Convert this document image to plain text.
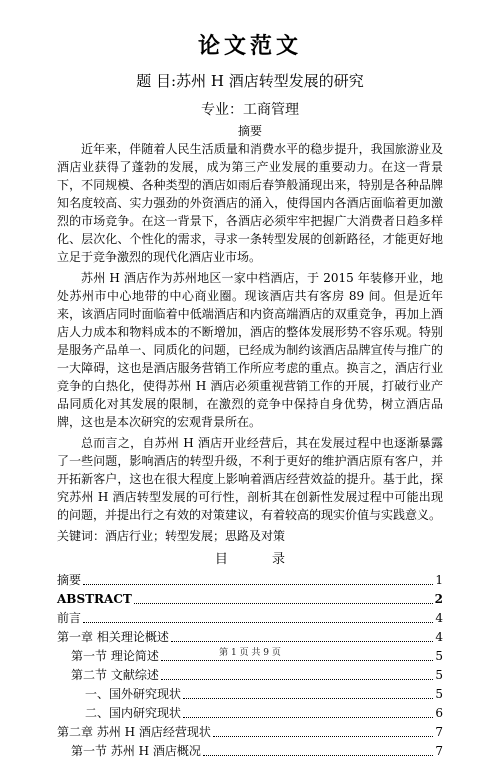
论文范文
题 目:苏州 H 酒店转型发展的研究
专业：工商管理
摘要

近年来，伴随着人民生活质量和消费水平的稳步提升，我国旅游业及酒店业获得了蓬勃的发展，成为第三产业发展的重要动力。在这一背景下，不同规模、各种类型的酒店如雨后春笋般涌现出来，特别是各种品牌知名度较高、实力强劲的外资酒店的涌入，使得国内各酒店面临着更加激烈的市场竞争。在这一背景下，各酒店必须牢牢把握广大消费者日趋多样化、层次化、个性化的需求，寻求一条转型发展的创新路径，才能更好地立足于竞争激烈的现代化酒店业市场。

苏州 H 酒店作为苏州地区一家中档酒店，于 2015 年装修开业，地处苏州市中心地带的中心商业圈。现该酒店共有客房 89 间。但是近年来，该酒店同时面临着中低端酒店和内资高端酒店的双重竞争，再加上酒店人力成本和物料成本的不断增加，酒店的整体发展形势不容乐观。特别是服务产品单一、同质化的问题，已经成为制约该酒店品牌宣传与推广的一大障碍，这也是酒店服务营销工作所应考虑的重点。换言之，酒店行业竞争的白热化，使得苏州 H 酒店必须重视营销工作的开展，打破行业产品同质化对其发展的限制，在激烈的竞争中保持自身优势，树立酒店品牌，这也是本次研究的宏观背景所在。

总而言之，自苏州 H 酒店开业经营后，其在发展过程中也逐渐暴露了一些问题，影响酒店的转型升级，不利于更好的维护酒店原有客户，并开拓新客户，这也在很大程度上影响着酒店经营效益的提升。基于此，探究苏州 H 酒店转型发展的可行性，剖析其在创新性发展过程中可能出现的问题，并提出行之有效的对策建议，有着较高的现实价值与实践意义。

关键词：酒店行业；转型发展；思路及对策
目 录
摘要	1
ABSTRACT	2
前言	4
第一章 相关理论概述	4
第一节 理论简述	5
第二节 文献综述	5
一、国外研究现状	5
二、国内研究现状	6
第二章 苏州 H 酒店经营现状	7
第一节 苏州 H 酒店概况	7
第 1 页 共 9 页
